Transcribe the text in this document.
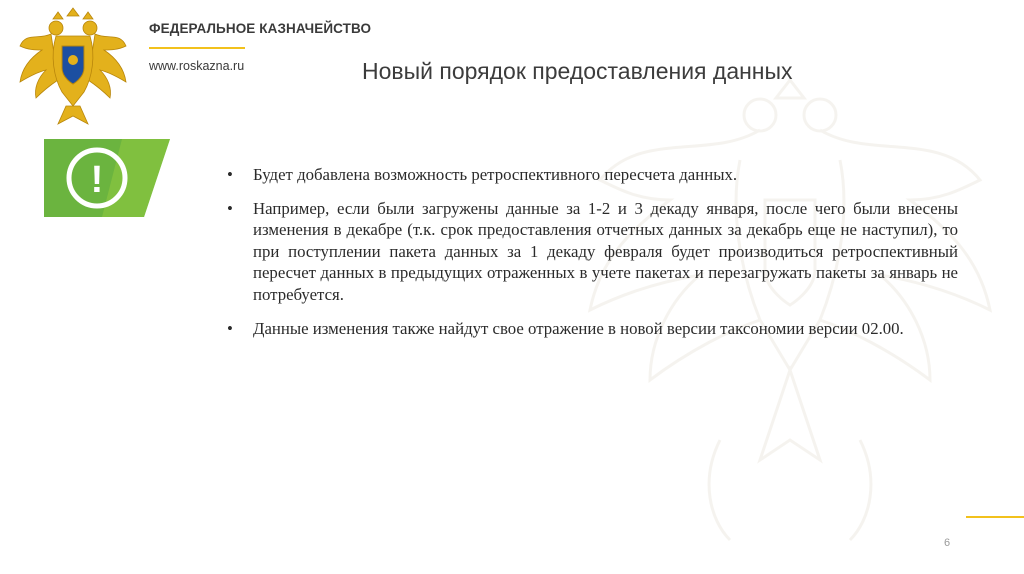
ФЕДЕРАЛЬНОЕ КАЗНАЧЕЙСТВО
www.roskazna.ru	Новый порядок предоставления данных
!	• Будет добавлена возможность ретроспективного пересчета данных.
• Например, если были загружены данные за 1-2 и 3 декаду января, после чего были внесены изменения в декабре (т.к. срок предоставления отчетных данных за декабрь еще не наступил), то при поступлении пакета данных за 1 декаду февраля будет производиться ретроспективный пересчет данных в предыдущих отраженных в учете пакетах и перезагружать пакеты за январь не потребуется.
• Данные изменения также найдут свое отражение в новой версии таксономии версии 02.00.
6
